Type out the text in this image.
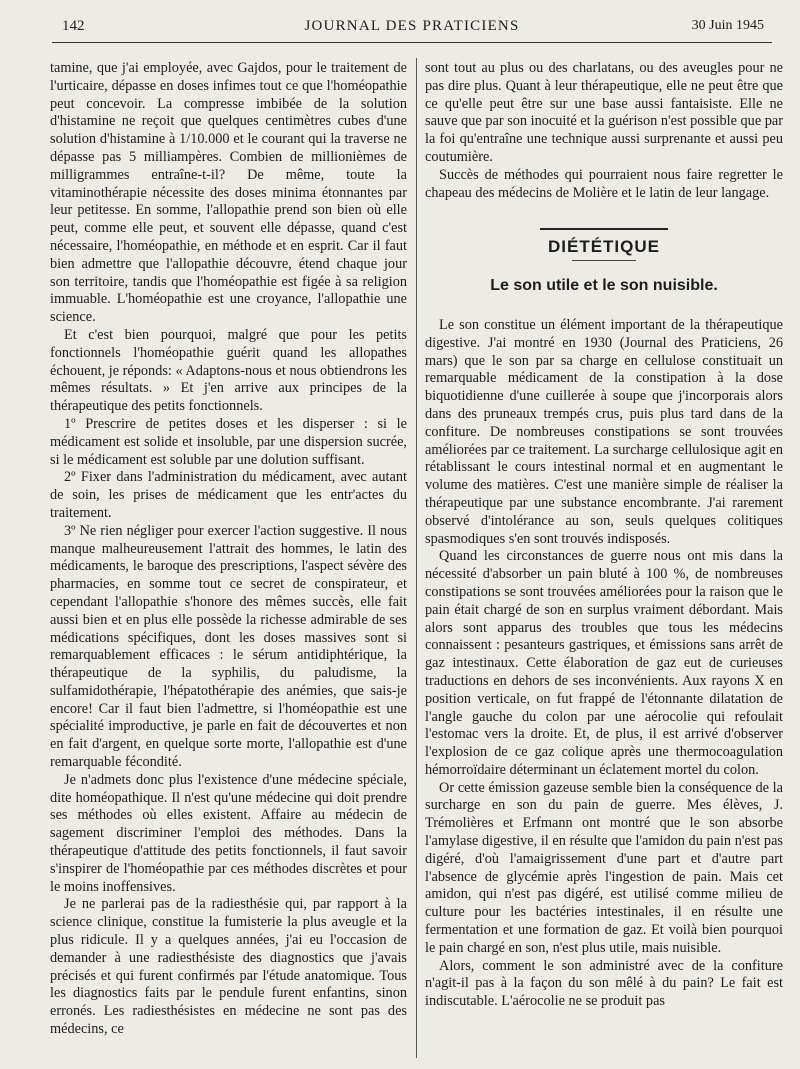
142	JOURNAL DES PRATICIENS	30 Juin 1945

tamine, que j'ai employée, avec Gajdos, pour le traitement de l'urticaire, dépasse en doses infimes tout ce que l'homéopathie peut concevoir. La compresse imbibée de la solution d'histamine ne reçoit que quelques centimètres cubes d'une solution d'histamine à 1/10.000 et le courant qui la traverse ne dépasse pas 5 milliampères. Combien de millionièmes de milligrammes entraîne-t-il? De même, toute la vitaminothérapie nécessite des doses minima étonnantes par leur petitesse. En somme, l'allopathie prend son bien où elle peut, comme elle peut, et souvent elle dépasse, quand c'est nécessaire, l'homéopathie, en méthode et en esprit. Car il faut bien admettre que l'allopathie découvre, étend chaque jour son territoire, tandis que l'homéopathie est figée à sa religion immuable. L'homéopathie est une croyance, l'allopathie une science.

Et c'est bien pourquoi, malgré que pour les petits fonctionnels l'homéopathie guérit quand les allopathes échouent, je réponds: « Adaptons-nous et nous obtiendrons les mêmes résultats. » Et j'en arrive aux principes de la thérapeutique des petits fonctionnels.

1º Prescrire de petites doses et les disperser : si le médicament est solide et insoluble, par une dispersion sucrée, si le médicament est soluble par une dolution suffisant.

2º Fixer dans l'administration du médicament, avec autant de soin, les prises de médicament que les entr'actes du traitement.

3º Ne rien négliger pour exercer l'action suggestive. Il nous manque malheureusement l'attrait des hommes, le latin des médicaments, le baroque des prescriptions, l'aspect sévère des pharmacies, en somme tout ce secret de conspirateur, et cependant l'allopathie s'honore des mêmes succès, elle fait aussi bien et en plus elle possède la richesse admirable de ses médications spécifiques, dont les doses massives sont si remarquablement efficaces : le sérum antidiphtérique, la thérapeutique de la syphilis, du paludisme, la sulfamidothérapie, l'hépatothérapie des anémies, que sais-je encore! Car il faut bien l'admettre, si l'homéopathie est une spécialité improductive, je parle en fait de découvertes et non en fait d'argent, en quelque sorte morte, l'allopathie est d'une remarquable fécondité.

Je n'admets donc plus l'existence d'une médecine spéciale, dite homéopathique. Il n'est qu'une médecine qui doit prendre ses méthodes où elles existent. Affaire au médecin de sagement discriminer l'emploi des méthodes. Dans la thérapeutique d'attitude des petits fonctionnels, il faut savoir s'inspirer de l'homéopathie par ces méthodes discrètes et pour le moins inoffensives.

Je ne parlerai pas de la radiesthésie qui, par rapport à la science clinique, constitue la fumisterie la plus aveugle et la plus ridicule. Il y a quelques années, j'ai eu l'occasion de demander à une radiesthésiste des diagnostics que j'avais précisés et qui furent confirmés par l'étude anatomique. Tous les diagnostics faits par le pendule furent enfantins, sinon erronés. Les radiesthésistes en médecine ne sont pas des médecins, ce

sont tout au plus ou des charlatans, ou des aveugles pour ne pas dire plus. Quant à leur thérapeutique, elle ne peut être que ce qu'elle peut être sur une base aussi fantaisiste. Elle ne sauve que par son inocuité et la guérison n'est possible que par la foi qu'entraîne une technique aussi surprenante et aussi peu coutumière.

Succès de méthodes qui pourraient nous faire regretter le chapeau des médecins de Molière et le latin de leur langage.

DIÉTÉTIQUE
Le son utile et le son nuisible.

Le son constitue un élément important de la thérapeutique digestive. J'ai montré en 1930 (Journal des Praticiens, 26 mars) que le son par sa charge en cellulose constituait un remarquable médicament de la constipation à la dose biquotidienne d'une cuillerée à soupe que j'incorporais alors dans des pruneaux trempés crus, puis plus tard dans de la confiture. De nombreuses constipations se sont trouvées améliorées par ce traitement. La surcharge cellulosique agit en rétablissant le cours intestinal normal et en augmentant le volume des matières. C'est une manière simple de réaliser la thérapeutique par une substance encombrante. J'ai rarement observé d'intolérance au son, seuls quelques colitiques spasmodiques s'en sont trouvés indisposés.

Quand les circonstances de guerre nous ont mis dans la nécessité d'absorber un pain bluté à 100 %, de nombreuses constipations se sont trouvées améliorées pour la raison que le pain était chargé de son en surplus vraiment débordant. Mais alors sont apparus des troubles que tous les médecins connaissent : pesanteurs gastriques, et émissions sans arrêt de gaz intestinaux. Cette élaboration de gaz eut de curieuses traductions en dehors de ses inconvénients. Aux rayons X en position verticale, on fut frappé de l'étonnante dilatation de l'angle gauche du colon par une aérocolie qui refoulait l'estomac vers la droite. Et, de plus, il est arrivé d'observer l'explosion de ce gaz colique après une thermocoagulation hémorroïdaire déterminant un éclatement mortel du colon.

Or cette émission gazeuse semble bien la conséquence de la surcharge en son du pain de guerre. Mes élèves, J. Trémolières et Erfmann ont montré que le son absorbe l'amylase digestive, il en résulte que l'amidon du pain n'est pas digéré, d'où l'amaigrissement d'une part et d'autre part l'absence de glycémie après l'ingestion de pain. Mais cet amidon, qui n'est pas digéré, est utilisé comme milieu de culture pour les bactéries intestinales, il en résulte une fermentation et une formation de gaz. Et voilà bien pourquoi le pain chargé en son, n'est plus utile, mais nuisible.

Alors, comment le son administré avec de la confiture n'agit-il pas à la façon du son mêlé à du pain? Le fait est indiscutable. L'aérocolie ne se produit pas
